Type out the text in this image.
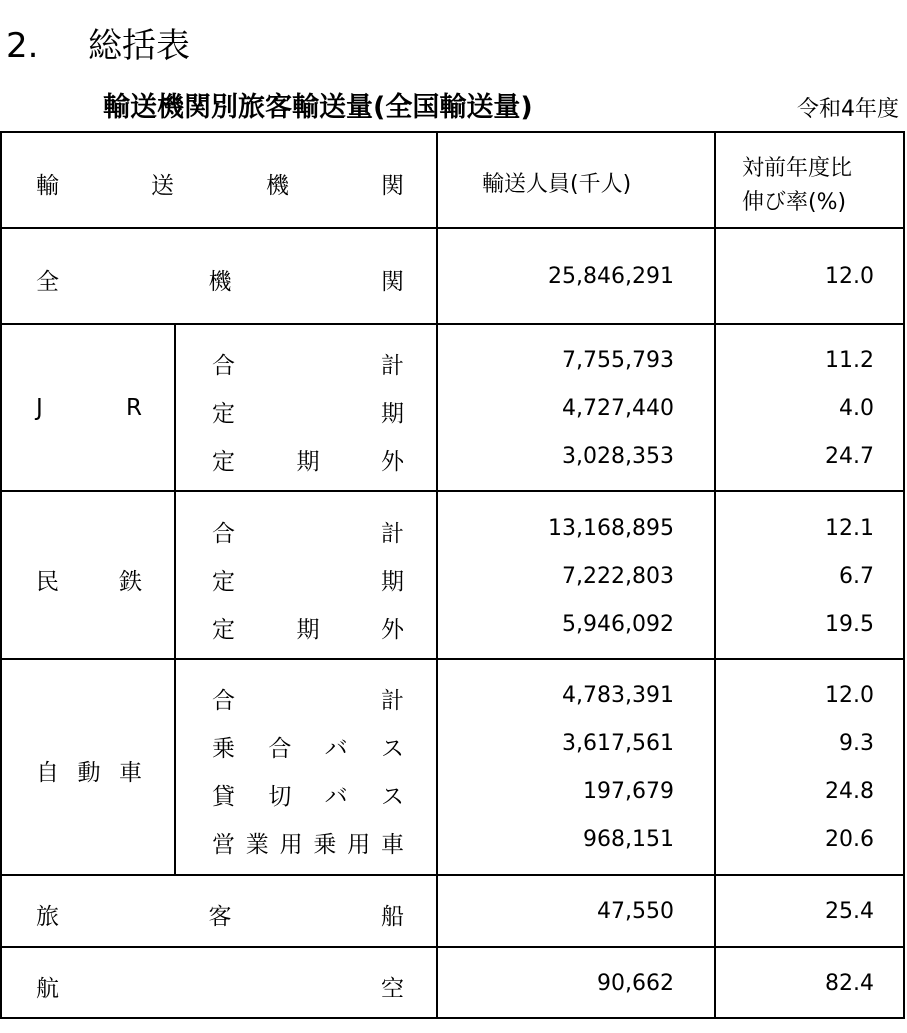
2. 総括表
輸送機関別旅客輸送量(全国輸送量)	令和4年度
輸	送	機	関	輸送人員(千人)
対前年度比
伸び率(%)
全	機	関	25,846,291	12.0
J	R
合	計	7,755,793	11.2
定	期	4,727,440	4.0
定	期	外	3,028,353	24.7
民	鉄
合	計	13,168,895	12.1
定	期	7,222,803	6.7
定	期	外	5,946,092	19.5
自 動 車
合	計	4,783,391	12.0
乗 合 バ ス	3,617,561	9.3
貸 切 バ ス	197,679	24.8
営 業 用 乗 用 車	968,151	20.6
旅	客	船	47,550	25.4
航	空	90,662	82.4
